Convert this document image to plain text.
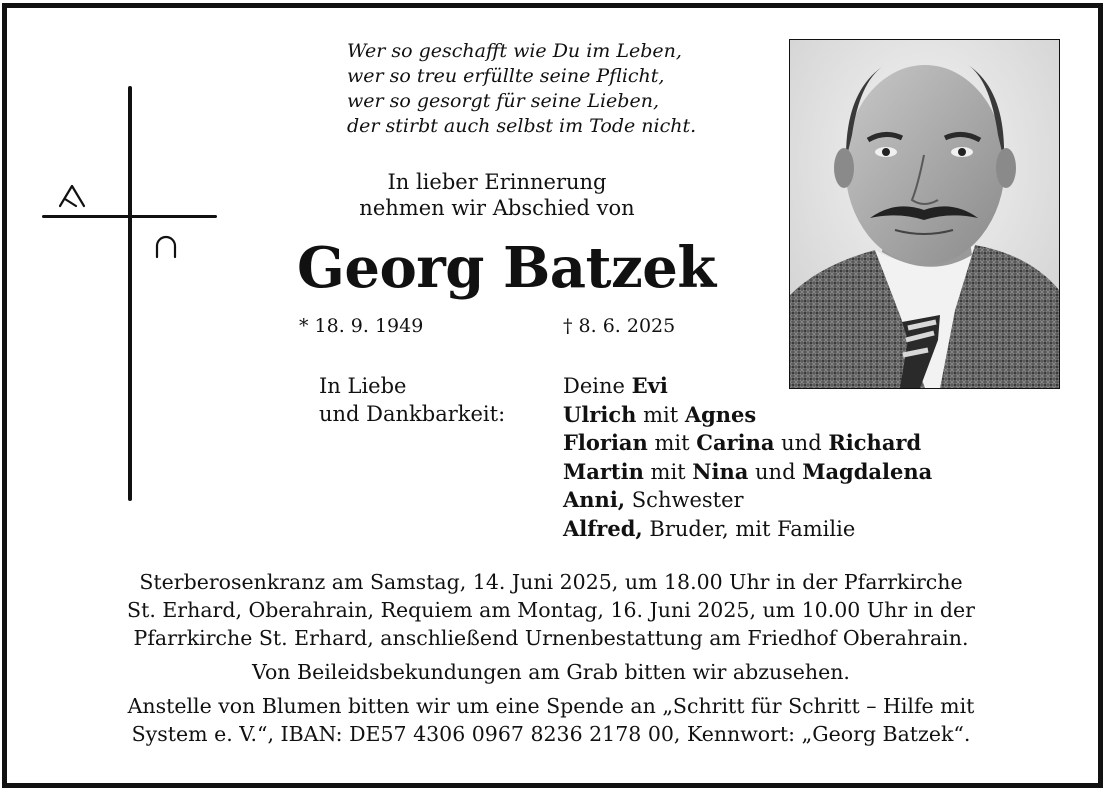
Wer so geschafft wie Du im Leben,
wer so treu erfüllte seine Pflicht,
wer so gesorgt für seine Lieben,
der stirbt auch selbst im Tode nicht.
In lieber Erinnerung
nehmen wir Abschied von
Georg Batzek
* 18. 9. 1949	† 8. 6. 2025
In Liebe
und Dankbarkeit:
Deine Evi
Ulrich mit Agnes
Florian mit Carina und Richard
Martin mit Nina und Magdalena
Anni, Schwester
Alfred, Bruder, mit Familie
Sterberosenkranz am Samstag, 14. Juni 2025, um 18.00 Uhr in der Pfarrkirche
St. Erhard, Oberahrain, Requiem am Montag, 16. Juni 2025, um 10.00 Uhr in der
Pfarrkirche St. Erhard, anschließend Urnenbestattung am Friedhof Oberahrain.
Von Beileidsbekundungen am Grab bitten wir abzusehen.
Anstelle von Blumen bitten wir um eine Spende an „Schritt für Schritt – Hilfe mit
System e. V.“, IBAN: DE57 4306 0967 8236 2178 00, Kennwort: „Georg Batzek“.
